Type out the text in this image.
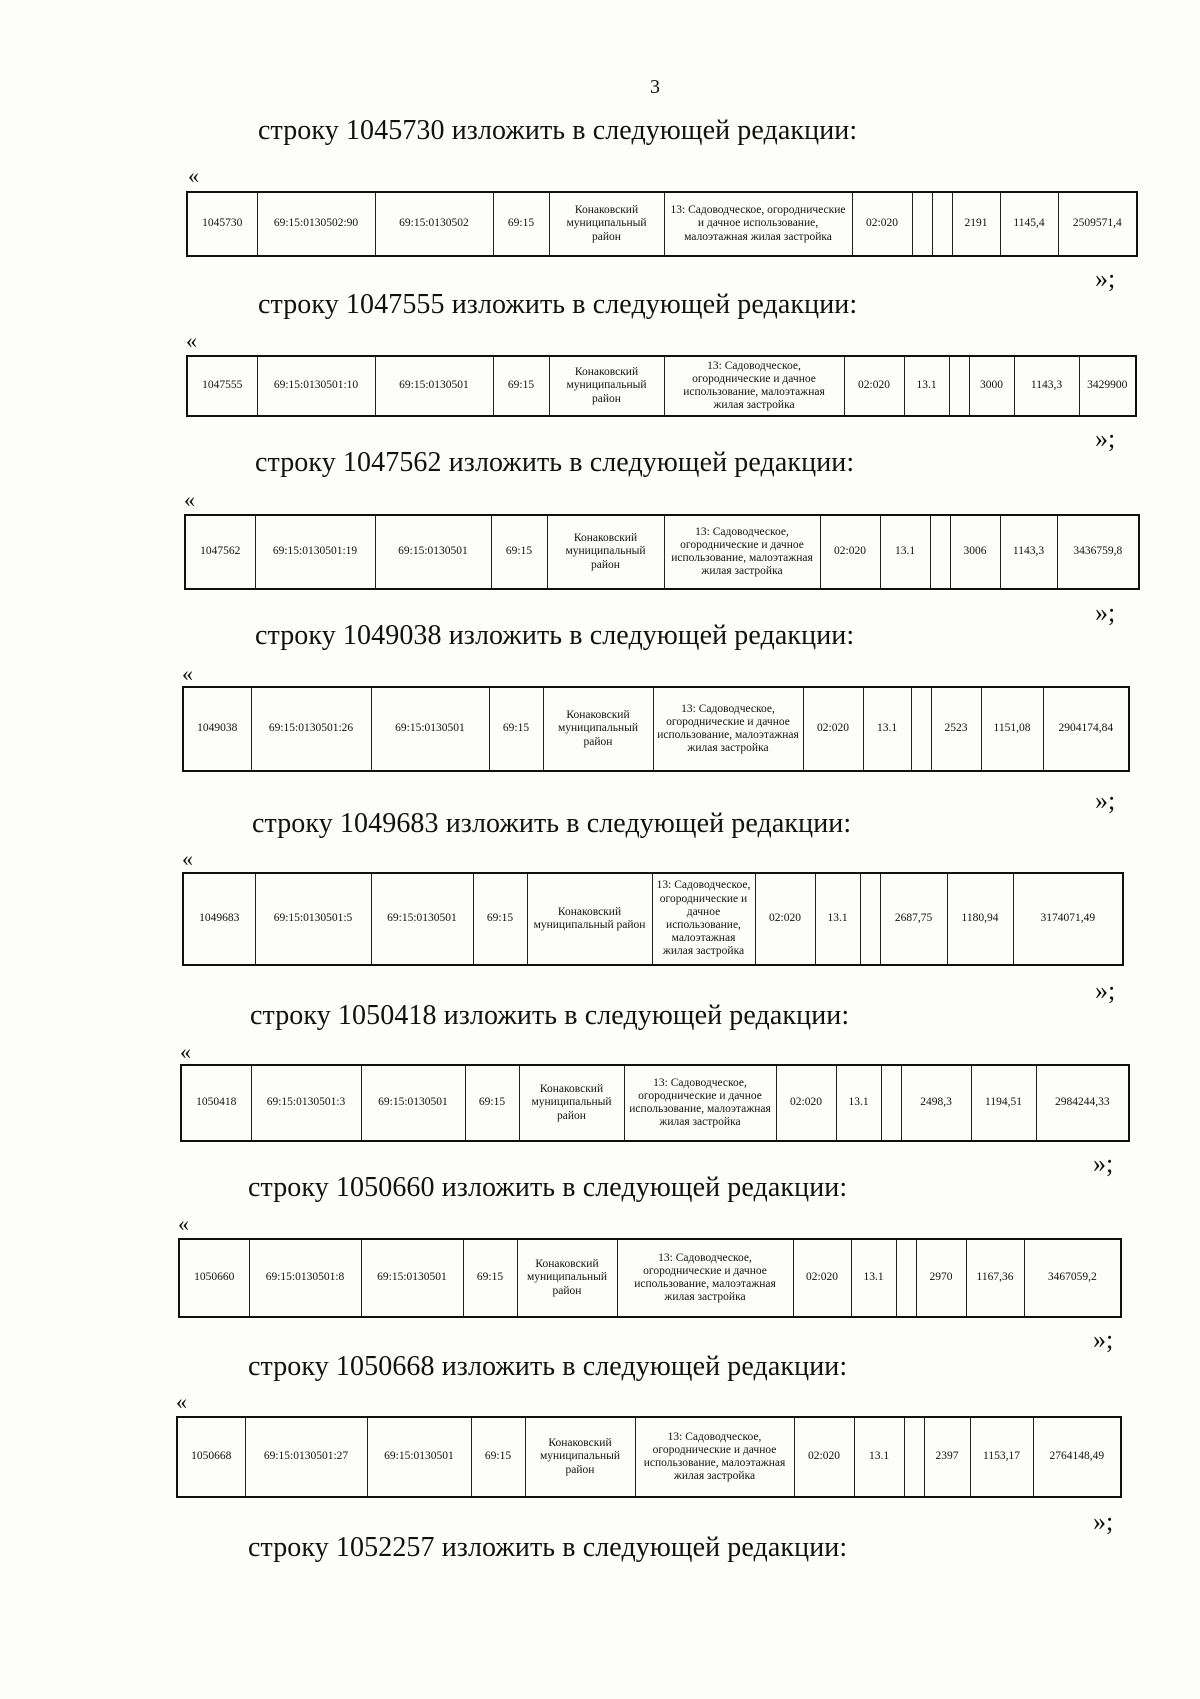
3
строку 1045730 изложить в следующей редакции:
«
1045730	69:15:0130502:90	69:15:0130502	69:15	Конаковский муниципальный район	13: Садоводческое, огороднические и дачное использование, малоэтажная жилая застройка	02:020			2191	1145,4	2509571,4
»;
строку 1047555 изложить в следующей редакции:
«
1047555	69:15:0130501:10	69:15:0130501	69:15	Конаковский муниципальный район	13: Садоводческое, огороднические и дачное использование, малоэтажная жилая застройка	02:020	13.1		3000	1143,3	3429900
»;
строку 1047562 изложить в следующей редакции:
«
1047562	69:15:0130501:19	69:15:0130501	69:15	Конаковский муниципальный район	13: Садоводческое, огороднические и дачное использование, малоэтажная жилая застройка	02:020	13.1		3006	1143,3	3436759,8
»;
строку 1049038 изложить в следующей редакции:
«
1049038	69:15:0130501:26	69:15:0130501	69:15	Конаковский муниципальный район	13: Садоводческое, огороднические и дачное использование, малоэтажная жилая застройка	02:020	13.1		2523	1151,08	2904174,84
»;
строку 1049683 изложить в следующей редакции:
«
1049683	69:15:0130501:5	69:15:0130501	69:15	Конаковский муниципальный район	13: Садоводческое, огороднические и дачное использование, малоэтажная жилая застройка	02:020	13.1		2687,75	1180,94	3174071,49
»;
строку 1050418 изложить в следующей редакции:
«
1050418	69:15:0130501:3	69:15:0130501	69:15	Конаковский муниципальный район	13: Садоводческое, огороднические и дачное использование, малоэтажная жилая застройка	02:020	13.1		2498,3	1194,51	2984244,33
»;
строку 1050660 изложить в следующей редакции:
«
1050660	69:15:0130501:8	69:15:0130501	69:15	Конаковский муниципальный район	13: Садоводческое, огороднические и дачное использование, малоэтажная жилая застройка	02:020	13.1		2970	1167,36	3467059,2
»;
строку 1050668 изложить в следующей редакции:
«
1050668	69:15:0130501:27	69:15:0130501	69:15	Конаковский муниципальный район	13: Садоводческое, огороднические и дачное использование, малоэтажная жилая застройка	02:020	13.1		2397	1153,17	2764148,49
»;
строку 1052257 изложить в следующей редакции:
